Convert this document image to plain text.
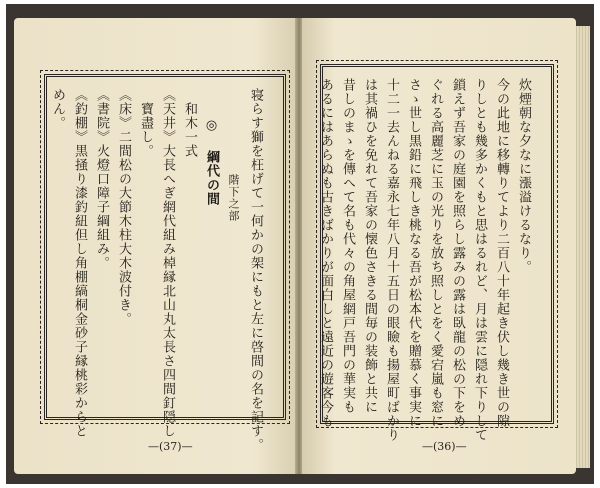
寝らす獅を枉げて一何かの架にもと左に啓間の名を記す。
階下之部
◎ 綱代の間
和木一式
《天井》大長へぎ網代組み棹縁北山丸太長さ四間釘隠し
寶盡し。
《床》二間松の大節木柱大木波付き。
《書院》火燈口障子綱組み。
《釣棚》黒掻り漆釣紐但し角棚縞桐金砂子縁桃彩からと
めん。
—(37)—
炊煙朝な夕なに漲溢けるなり。
今の此地に移轉りてより二百八十年起き伏し幾き世の隙
りしとも幾多かくもと思はるれど、月は雲に隠れ下りして
鎖えず吾家の庭園を照らし露みの露は臥龍の松の下をめ
ぐれる高麗芝に玉の光りを放ち照しとをく愛宕嵐も窓に
さゝ世し黒鉛に飛しき桃なる吾が松本代を贈慕く事実に
十二一去んねる嘉永七年八月十五日の眼瞼も揚屋町ばかり
は其禍ひを免れて吾家の懐色さきる間毎の装飾と共に
昔しのまゝを傳へて名も代々の角屋網戸吾門の華実も
あるにはあらぬも古きばかりが面白しと遠近の遊客今も
—(36)—
